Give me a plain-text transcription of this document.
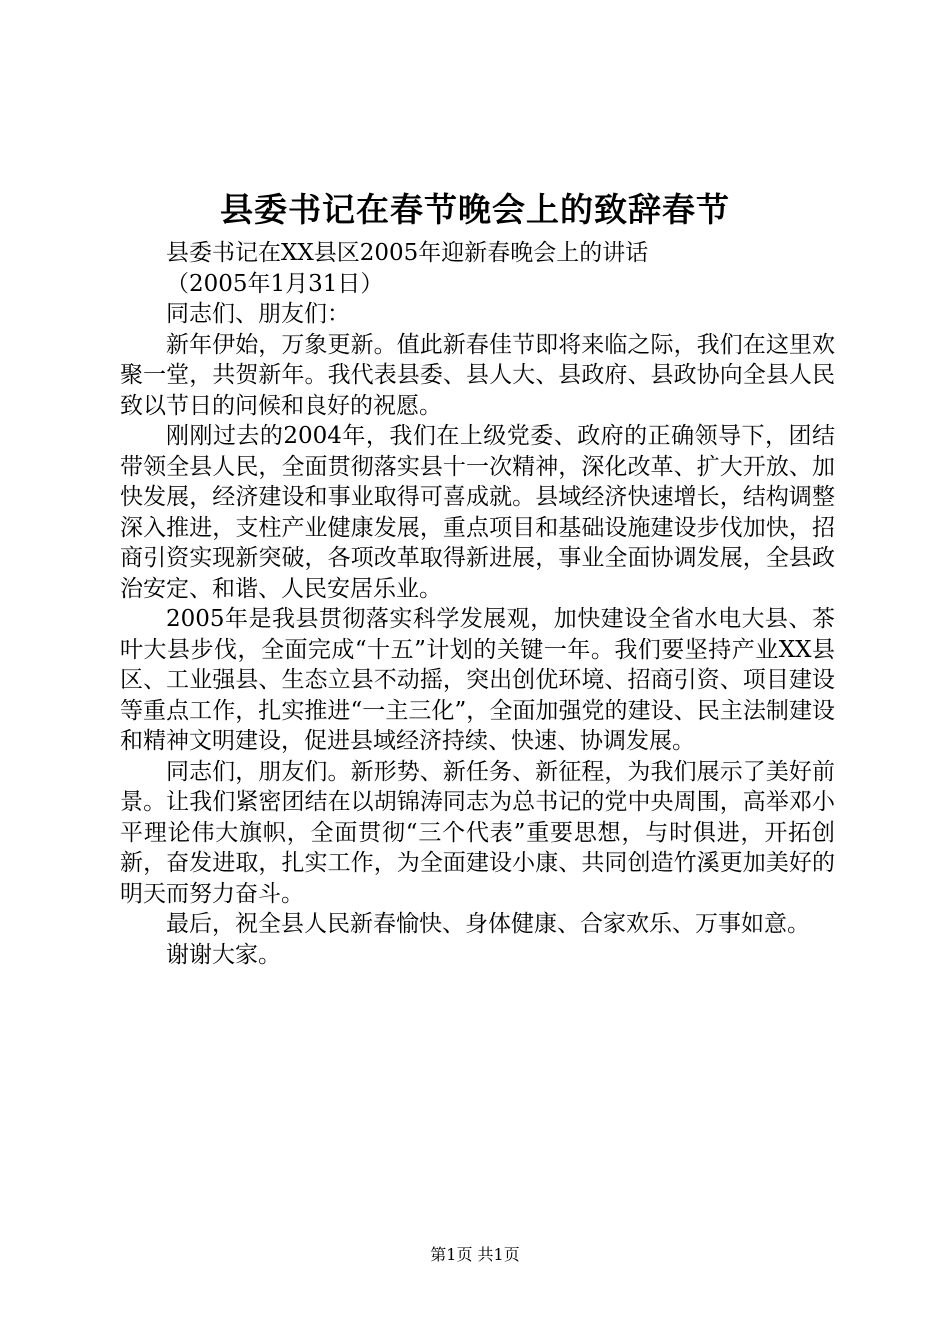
县委书记在春节晚会上的致辞春节

县委书记在XX县区2005年迎新春晚会上的讲话

（2005年1月31日）

同志们、朋友们：

新年伊始，万象更新。值此新春佳节即将来临之际，我们在这里欢聚一堂，共贺新年。我代表县委、县人大、县政府、县政协向全县人民致以节日的问候和良好的祝愿。

刚刚过去的2004年，我们在上级党委、政府的正确领导下，团结带领全县人民，全面贯彻落实县十一次精神，深化改革、扩大开放、加快发展，经济建设和事业取得可喜成就。县域经济快速增长，结构调整深入推进，支柱产业健康发展，重点项目和基础设施建设步伐加快，招商引资实现新突破，各项改革取得新进展，事业全面协调发展，全县政治安定、和谐、人民安居乐业。

2005年是我县贯彻落实科学发展观，加快建设全省水电大县、茶叶大县步伐，全面完成“十五”计划的关键一年。我们要坚持产业XX县区、工业强县、生态立县不动摇，突出创优环境、招商引资、项目建设等重点工作，扎实推进“一主三化”，全面加强党的建设、民主法制建设和精神文明建设，促进县域经济持续、快速、协调发展。

同志们，朋友们。新形势、新任务、新征程，为我们展示了美好前景。让我们紧密团结在以胡锦涛同志为总书记的党中央周围，高举邓小平理论伟大旗帜，全面贯彻“三个代表”重要思想，与时俱进，开拓创新，奋发进取，扎实工作，为全面建设小康、共同创造竹溪更加美好的明天而努力奋斗。

最后，祝全县人民新春愉快、身体健康、合家欢乐、万事如意。

谢谢大家。

第1页 共1页
